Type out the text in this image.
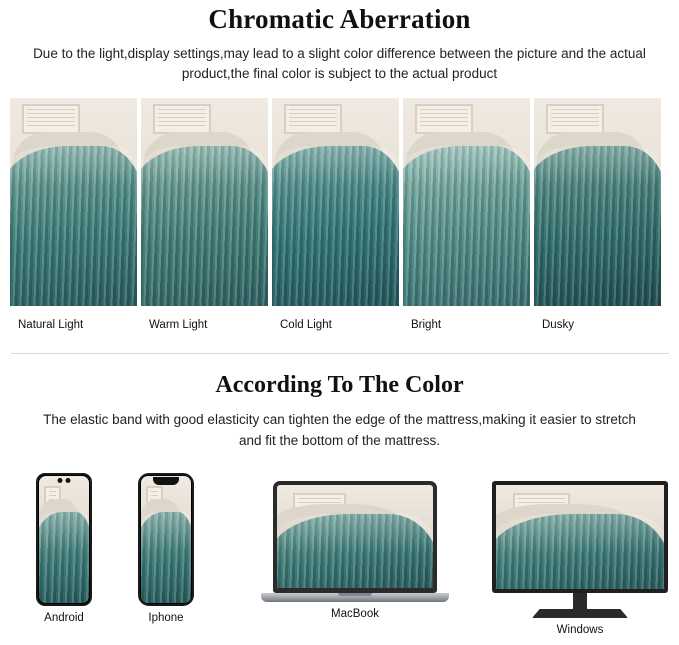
Chromatic Aberration

Due to the light,display settings,may lead to a slight color difference between the picture and the actual product,the final color is subject to the actual product

Natural Light	Warm Light	Cold Light	Bright	Dusky
According To The Color

The elastic band with good elasticity can tighten the edge of the mattress,making it easier to stretch and fit the bottom of the mattress.

Android	Iphone	MacBook
Windows
